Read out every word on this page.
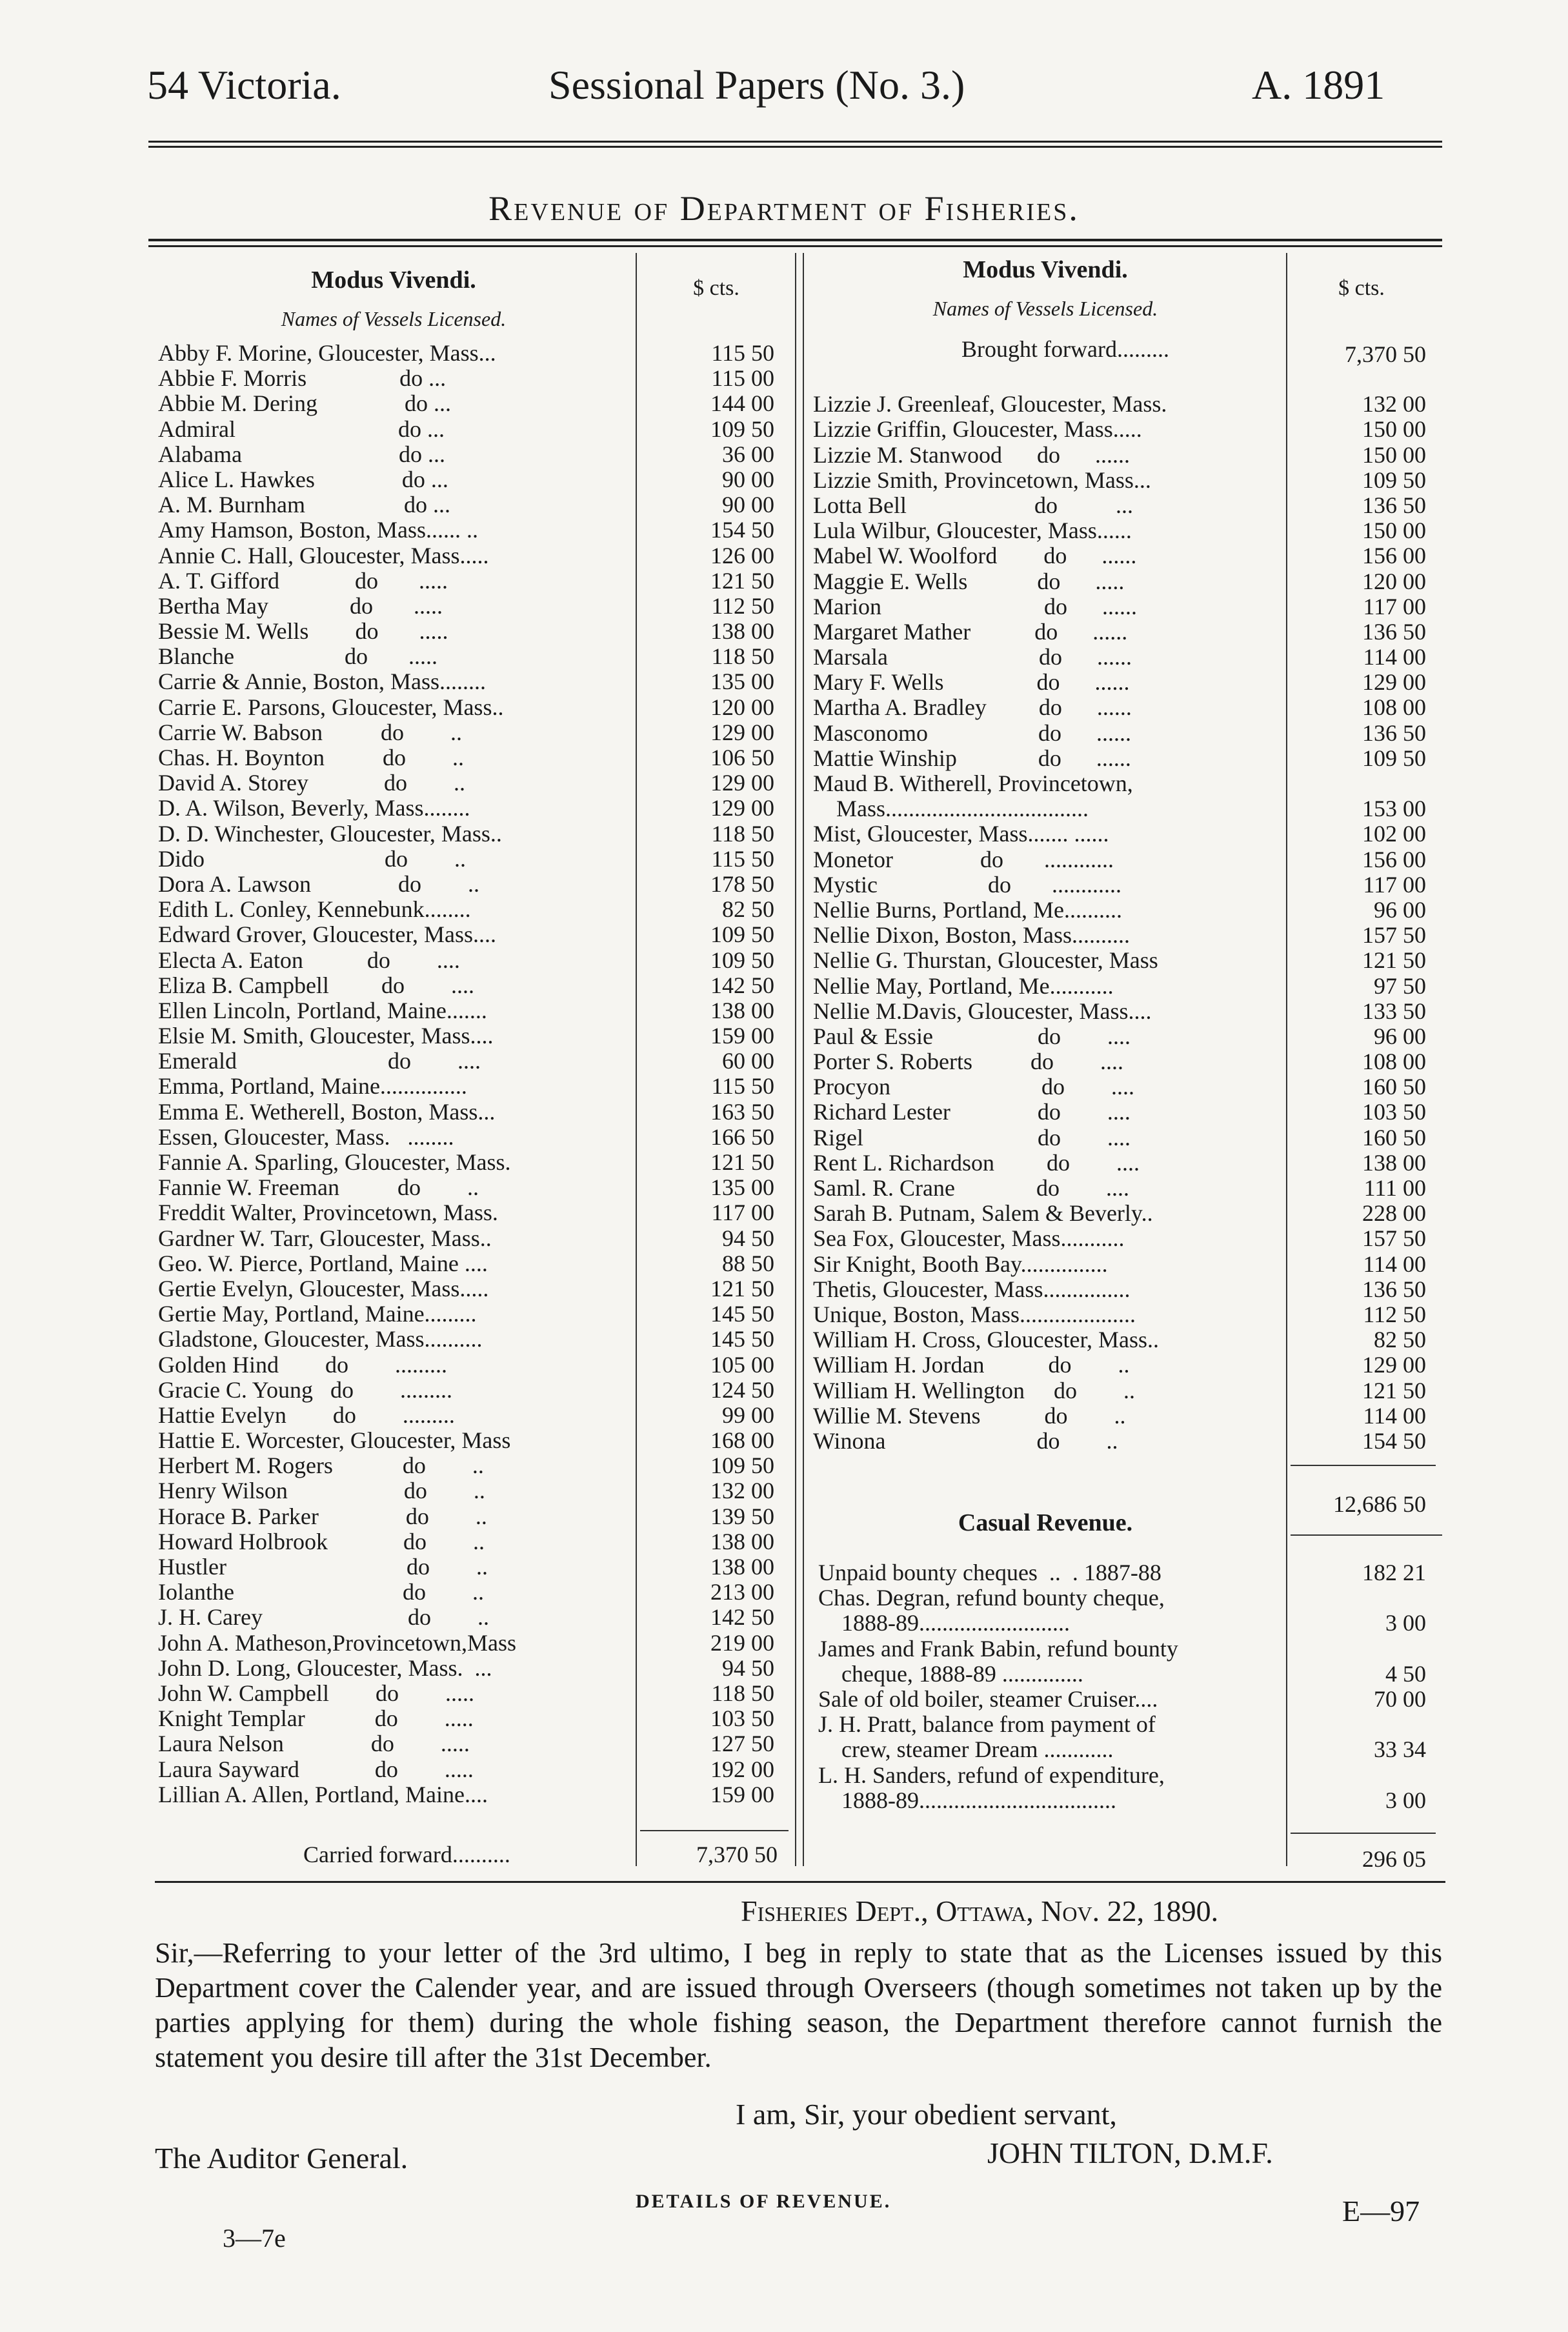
54 Victoria.	Sessional Papers (No. 3.)	A. 1891
Revenue of Department of Fisheries.
Modus Vivendi.
Names of Vessels Licensed.
$ cts.
Abby F. Morine, Gloucester, Mass...	115 50
Abbie F. Morris                do ...	115 00
Abbie M. Dering               do ...	144 00
Admiral                            do ...	109 50
Alabama                           do ...	36 00
Alice L. Hawkes               do ...	90 00
A. M. Burnham                 do ...	90 00
Amy Hamson, Boston, Mass...... ..	154 50
Annie C. Hall, Gloucester, Mass.....	126 00
A. T. Gifford             do       .....	121 50
Bertha May              do       .....	112 50
Bessie M. Wells        do       .....	138 00
Blanche                   do       .....	118 50
Carrie & Annie, Boston, Mass........	135 00
Carrie E. Parsons, Gloucester, Mass..	120 00
Carrie W. Babson          do        ..	129 00
Chas. H. Boynton          do        ..	106 50
David A. Storey             do        ..	129 00
D. A. Wilson, Beverly, Mass........	129 00
D. D. Winchester, Gloucester, Mass..	118 50
Dido                               do        ..	115 50
Dora A. Lawson               do        ..	178 50
Edith L. Conley, Kennebunk........	82 50
Edward Grover, Gloucester, Mass....	109 50
Electa A. Eaton           do        ....	109 50
Eliza B. Campbell         do        ....	142 50
Ellen Lincoln, Portland, Maine.......	138 00
Elsie M. Smith, Gloucester, Mass....	159 00
Emerald                          do        ....	60 00
Emma, Portland, Maine...............	115 50
Emma E. Wetherell, Boston, Mass...	163 50
Essen, Gloucester, Mass.   ........	166 50
Fannie A. Sparling, Gloucester, Mass.	121 50
Fannie W. Freeman          do        ..	135 00
Freddit Walter, Provincetown, Mass.	117 00
Gardner W. Tarr, Gloucester, Mass..	94 50
Geo. W. Pierce, Portland, Maine ....	88 50
Gertie Evelyn, Gloucester, Mass.....	121 50
Gertie May, Portland, Maine.........	145 50
Gladstone, Gloucester, Mass..........	145 50
Golden Hind        do        .........	105 00
Gracie C. Young   do        .........	124 50
Hattie Evelyn        do        .........	99 00
Hattie E. Worcester, Gloucester, Mass	168 00
Herbert M. Rogers            do        ..	109 50
Henry Wilson                    do        ..	132 00
Horace B. Parker               do        ..	139 50
Howard Holbrook             do        ..	138 00
Hustler                               do        ..	138 00
Iolanthe                             do        ..	213 00
J. H. Carey                         do        ..	142 50
John A. Matheson,Provincetown,Mass	219 00
John D. Long, Gloucester, Mass.  ...	94 50
John W. Campbell        do        .....	118 50
Knight Templar            do        .....	103 50
Laura Nelson               do        .....	127 50
Laura Sayward             do        .....	192 00
Lillian A. Allen, Portland, Maine....	159 00
Carried forward..........	7,370 50
Modus Vivendi.
Names of Vessels Licensed.
$ cts.
Brought forward.........	7,370 50
Lizzie J. Greenleaf, Gloucester, Mass.	132 00
Lizzie Griffin, Gloucester, Mass.....	150 00
Lizzie M. Stanwood      do      ......	150 00
Lizzie Smith, Provincetown, Mass...	109 50
Lotta Bell                      do          ...	136 50
Lula Wilbur, Gloucester, Mass......	150 00
Mabel W. Woolford        do      ......	156 00
Maggie E. Wells            do      .....	120 00
Marion                            do      ......	117 00
Margaret Mather           do      ......	136 50
Marsala                          do      ......	114 00
Mary F. Wells                do      ......	129 00
Martha A. Bradley         do      ......	108 00
Masconomo                   do      ......	136 50
Mattie Winship              do      ......	109 50
Maud B. Witherell, Provincetown,
Mass...................................	153 00
Mist, Gloucester, Mass....... ......	102 00
Monetor               do       ............	156 00
Mystic                   do       ............	117 00
Nellie Burns, Portland, Me..........	96 00
Nellie Dixon, Boston, Mass..........	157 50
Nellie G. Thurstan, Gloucester, Mass	121 50
Nellie May, Portland, Me...........	97 50
Nellie M.Davis, Gloucester, Mass....	133 50
Paul & Essie                  do        ....	96 00
Porter S. Roberts          do        ....	108 00
Procyon                          do        ....	160 50
Richard Lester               do        ....	103 50
Rigel                              do        ....	160 50
Rent L. Richardson         do        ....	138 00
Saml. R. Crane              do        ....	111 00
Sarah B. Putnam, Salem & Beverly..	228 00
Sea Fox, Gloucester, Mass...........	157 50
Sir Knight, Booth Bay...............	114 00
Thetis, Gloucester, Mass...............	136 50
Unique, Boston, Mass....................	112 50
William H. Cross, Gloucester, Mass..	82 50
William H. Jordan           do        ..	129 00
William H. Wellington     do        ..	121 50
Willie M. Stevens           do        ..	114 00
Winona                          do        ..	154 50
12,686 50
Casual Revenue.
Unpaid bounty cheques  ..  . 1887-88	182 21
Chas. Degran, refund bounty cheque,
1888-89..........................	3 00
James and Frank Babin, refund bounty
cheque, 1888-89 ..............	4 50
Sale of old boiler, steamer Cruiser....	70 00
J. H. Pratt, balance from payment of
crew, steamer Dream ............	33 34
L. H. Sanders, refund of expenditure,
1888-89..................................	3 00
296 05
Fisheries Dept., Ottawa, Nov. 22, 1890.
Sir,—Referring to your letter of the 3rd ultimo, I beg in reply to state that as the Licenses issued by this Department cover the Calender year, and are issued through Overseers (though sometimes not taken up by the parties applying for them) during the whole fishing season, the Department therefore cannot furnish the statement you desire till after the 31st December.
I am, Sir, your obedient servant,
The Auditor General.	JOHN TILTON, D.M.F.
DETAILS OF REVENUE.
3—7e
E—97
